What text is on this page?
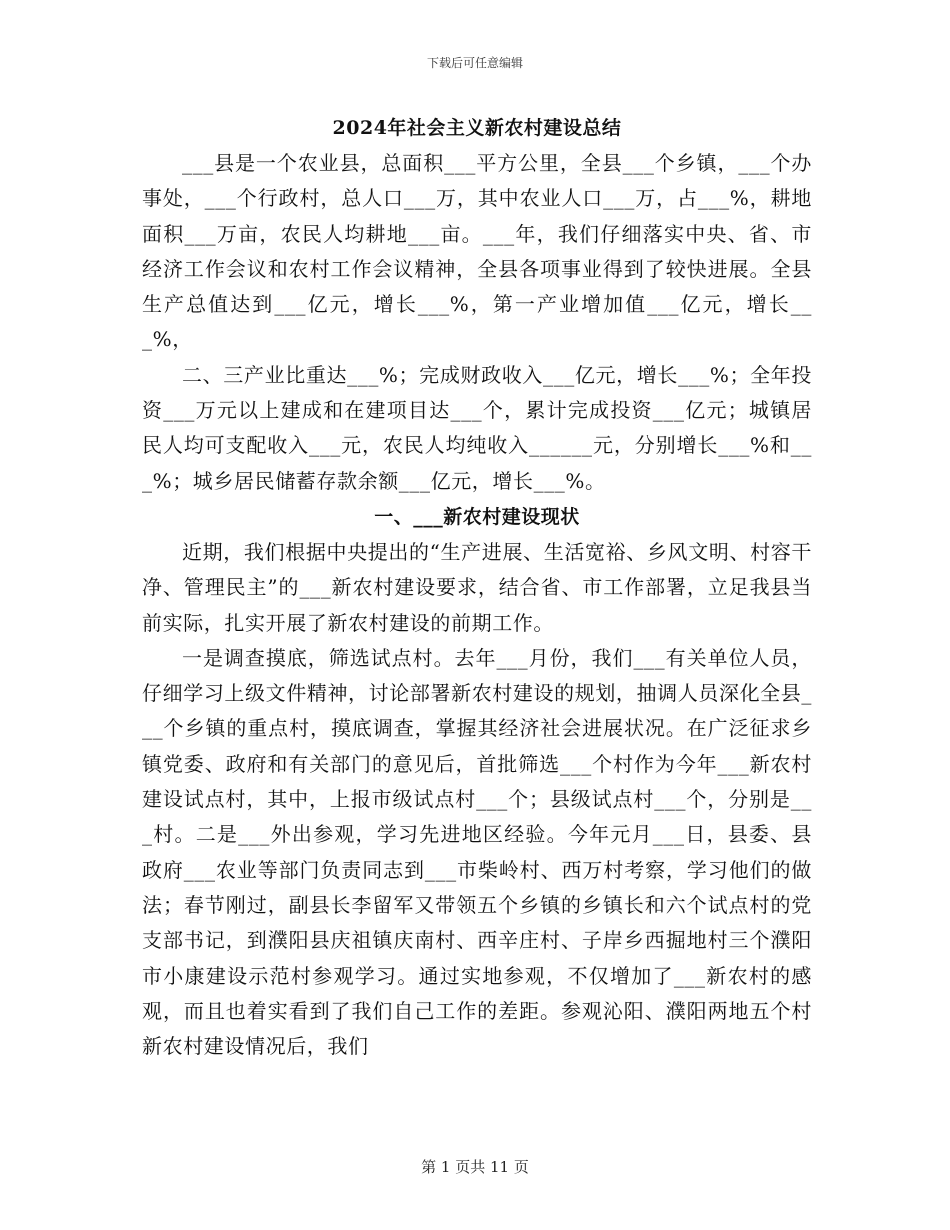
下载后可任意编辑
2024年社会主义新农村建设总结

___县是一个农业县，总面积___平方公里，全县___个乡镇，___个办事处，___个行政村，总人口___万，其中农业人口___万，占___%，耕地面积___万亩，农民人均耕地___亩。___年，我们仔细落实中央、省、市经济工作会议和农村工作会议精神，全县各项事业得到了较快进展。全县生产总值达到___亿元，增长___%，第一产业增加值___亿元，增长___%，

二、三产业比重达___%；完成财政收入___亿元，增长___%；全年投资___万元以上建成和在建项目达___个，累计完成投资___亿元；城镇居民人均可支配收入___元，农民人均纯收入______元，分别增长___%和___%；城乡居民储蓄存款余额___亿元，增长___%。

一、___新农村建设现状

近期，我们根据中央提出的“生产进展、生活宽裕、乡风文明、村容干净、管理民主”的___新农村建设要求，结合省、市工作部署，立足我县当前实际，扎实开展了新农村建设的前期工作。

一是调查摸底，筛选试点村。去年___月份，我们___有关单位人员，仔细学习上级文件精神，讨论部署新农村建设的规划，抽调人员深化全县___个乡镇的重点村，摸底调查，掌握其经济社会进展状况。在广泛征求乡镇党委、政府和有关部门的意见后，首批筛选___个村作为今年___新农村建设试点村，其中，上报市级试点村___个；县级试点村___个，分别是___村。二是___外出参观，学习先进地区经验。今年元月___日，县委、县政府___农业等部门负责同志到___市柴岭村、西万村考察，学习他们的做法；春节刚过，副县长李留军又带领五个乡镇的乡镇长和六个试点村的党支部书记，到濮阳县庆祖镇庆南村、西辛庄村、子岸乡西掘地村三个濮阳市小康建设示范村参观学习。通过实地参观，不仅增加了___新农村的感观，而且也着实看到了我们自己工作的差距。参观沁阳、濮阳两地五个村新农村建设情况后，我们

第 1 页共 11 页
